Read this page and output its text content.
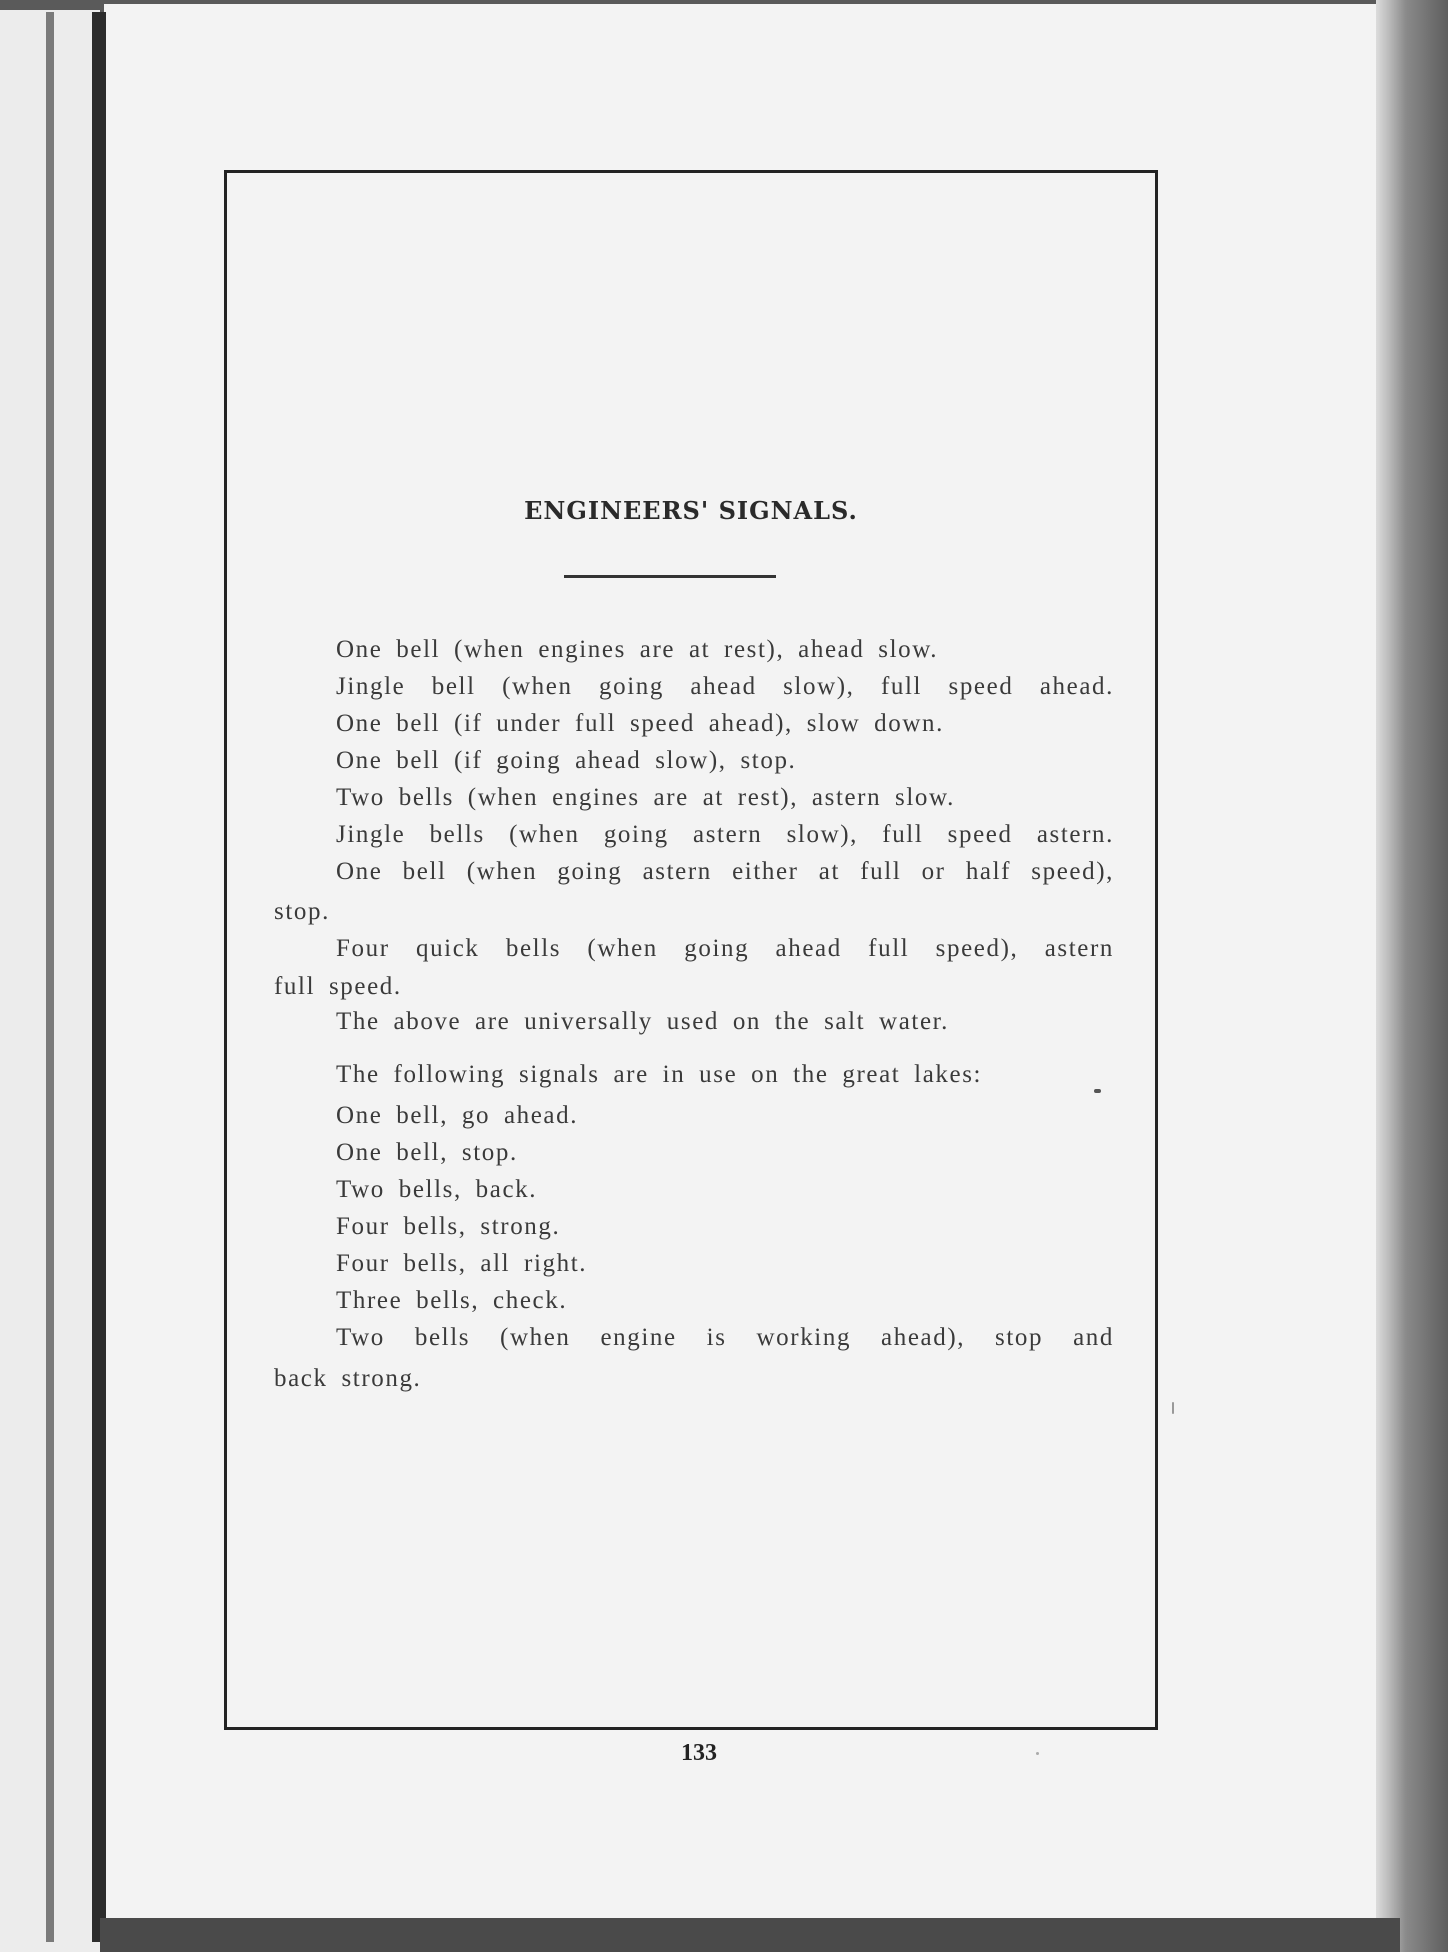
ENGINEERS' SIGNALS.
One bell (when engines are at rest), ahead slow.
Jingle bell (when going ahead slow), full speed ahead.
One bell (if under full speed ahead), slow down.
One bell (if going ahead slow), stop.
Two bells (when engines are at rest), astern slow.
Jingle bells (when going astern slow), full speed astern.
One bell (when going astern either at full or half speed),
stop.
Four quick bells (when going ahead full speed), astern
full speed.
The above are universally used on the salt water.
The following signals are in use on the great lakes:
One bell, go ahead.
One bell, stop.
Two bells, back.
Four bells, strong.
Four bells, all right.
Three bells, check.
Two bells (when engine is working ahead), stop and
back strong.
133
